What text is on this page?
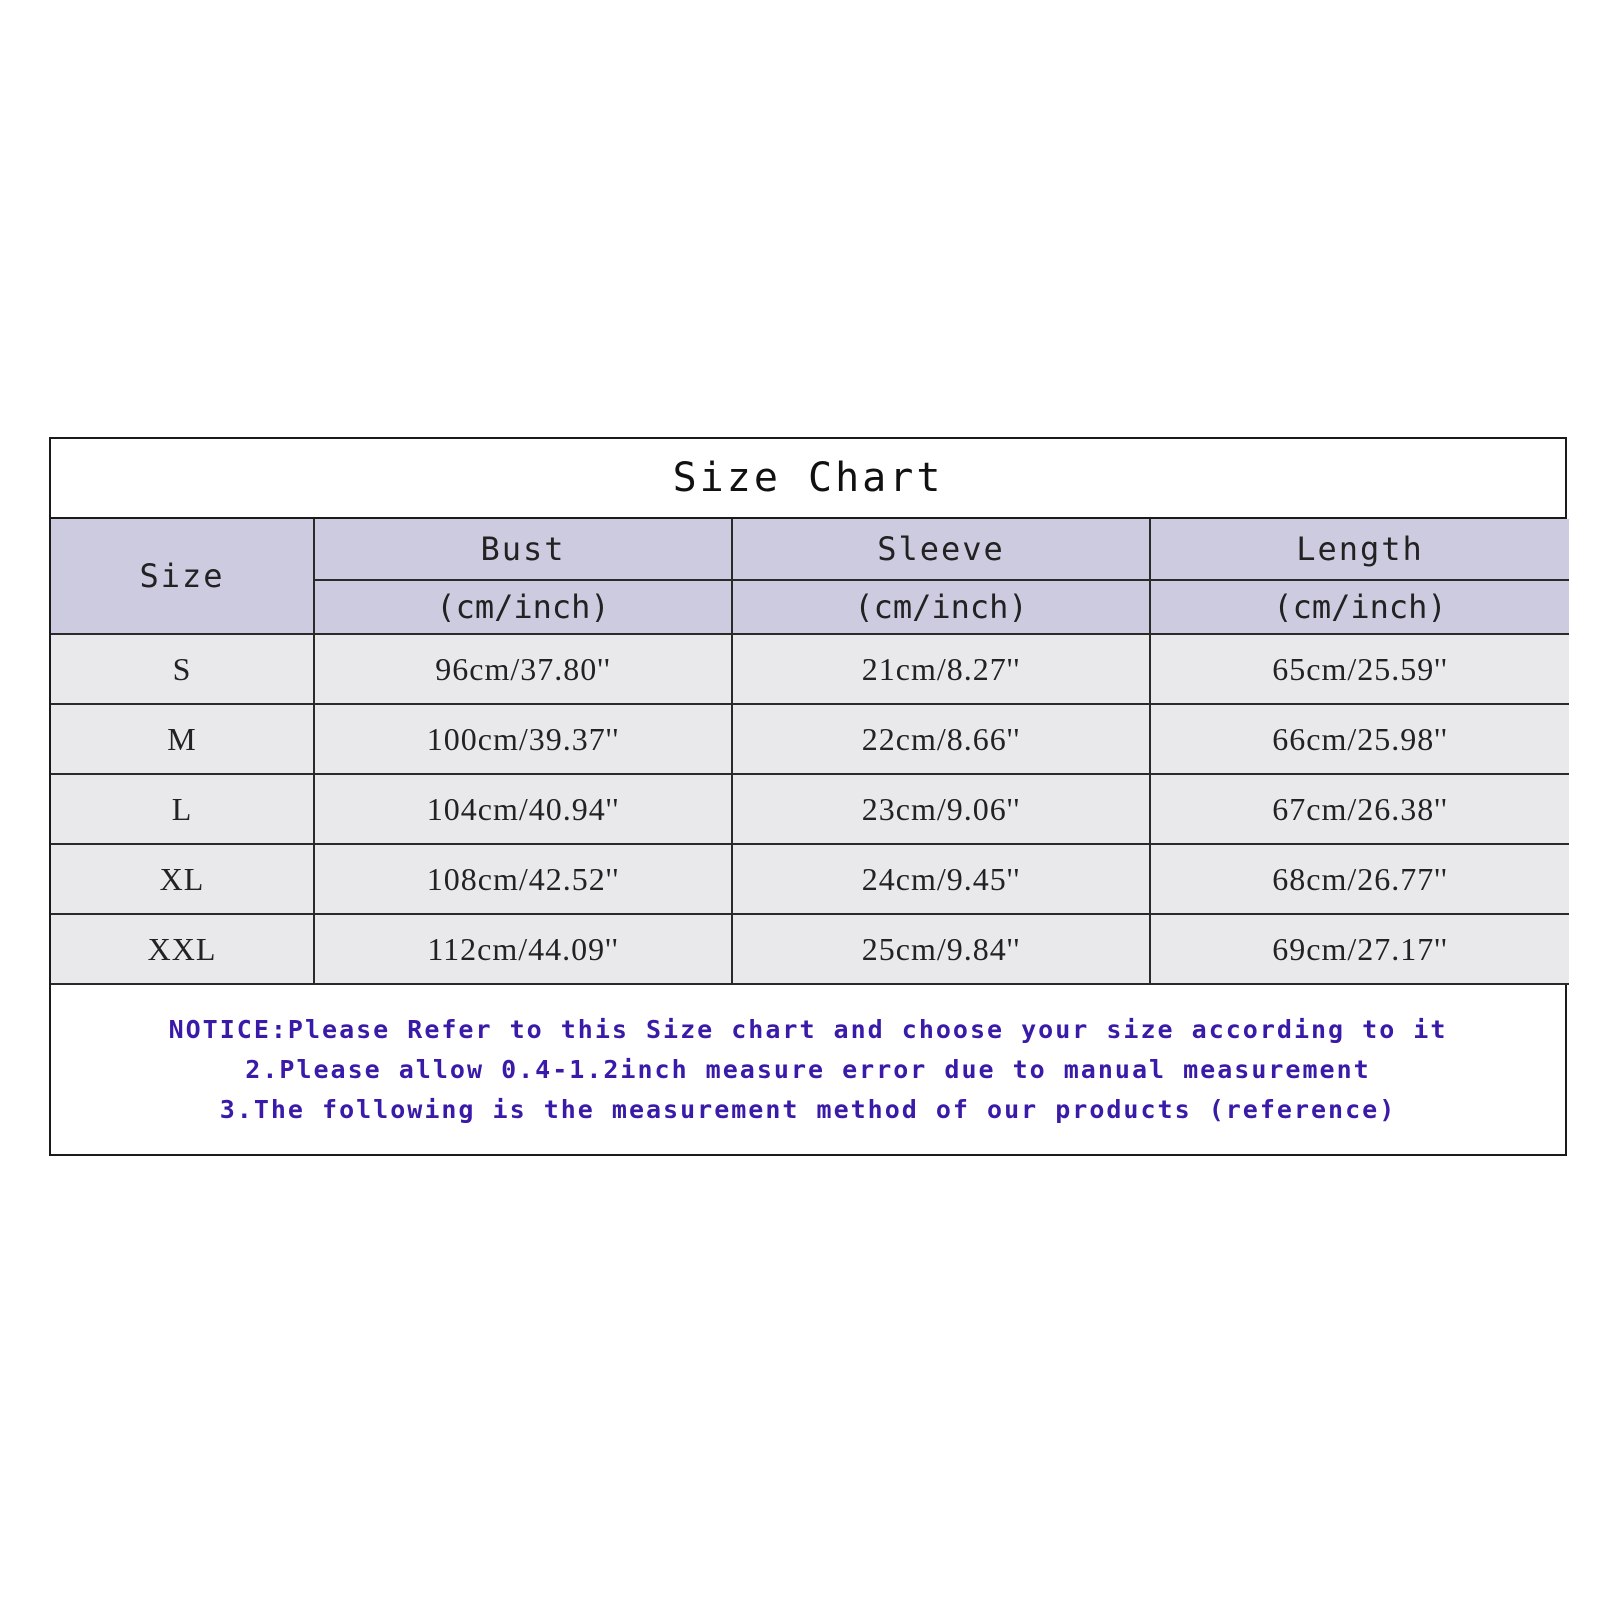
Size Chart
Size	Bust	Sleeve	Length
	(cm/inch)	(cm/inch)	(cm/inch)
S	96cm/37.80''	21cm/8.27''	65cm/25.59''
M	100cm/39.37''	22cm/8.66''	66cm/25.98''
L	104cm/40.94''	23cm/9.06''	67cm/26.38''
XL	108cm/42.52''	24cm/9.45''	68cm/26.77''
XXL	112cm/44.09''	25cm/9.84''	69cm/27.17''
NOTICE:Please Refer to this Size chart and choose your size according to it
2.Please allow 0.4-1.2inch measure error due to manual measurement
3.The following is the measurement method of our products (reference)
